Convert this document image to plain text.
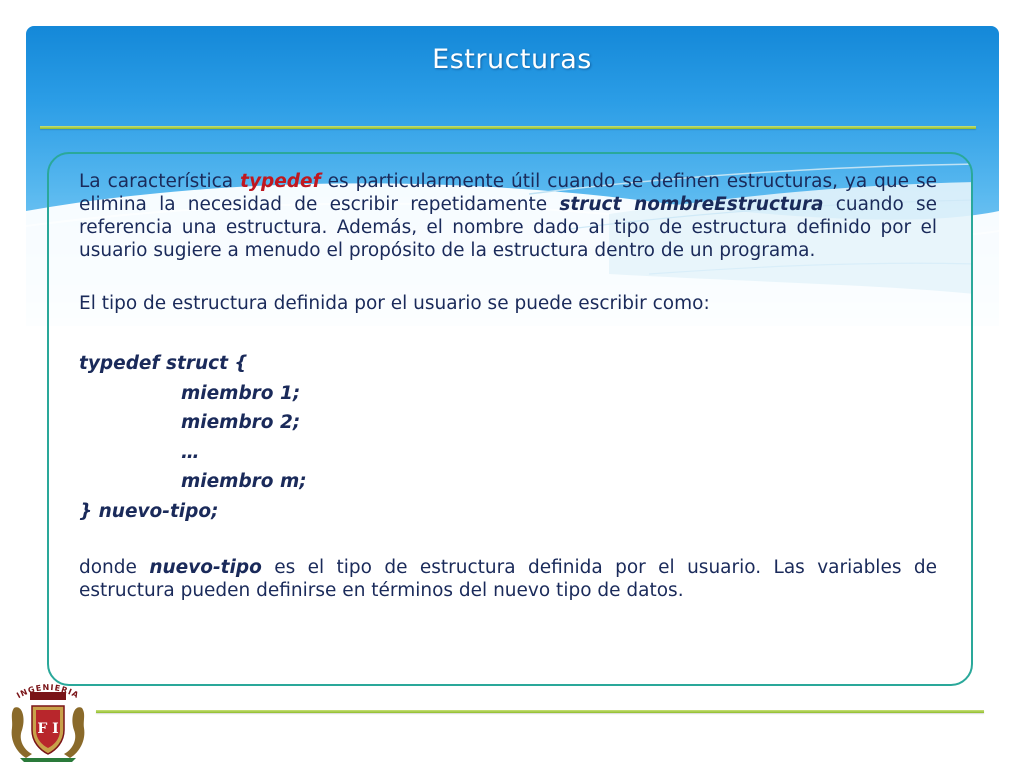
Estructuras

La característica typedef es particularmente útil cuando se definen estructuras, ya que se elimina la necesidad de escribir repetidamente struct nombreEstructura cuando se referencia una estructura. Además, el nombre dado al tipo de estructura definido por el usuario sugiere a menudo el propósito de la estructura dentro de un programa.

El tipo de estructura definida por el usuario se puede escribir como:

typedef struct {
miembro 1;
miembro 2;
…
miembro m;
} nuevo-tipo;

donde nuevo-tipo es el tipo de estructura definida por el usuario. Las variables de estructura pueden definirse en términos del nuevo tipo de datos.

INGENIERIA
F I
